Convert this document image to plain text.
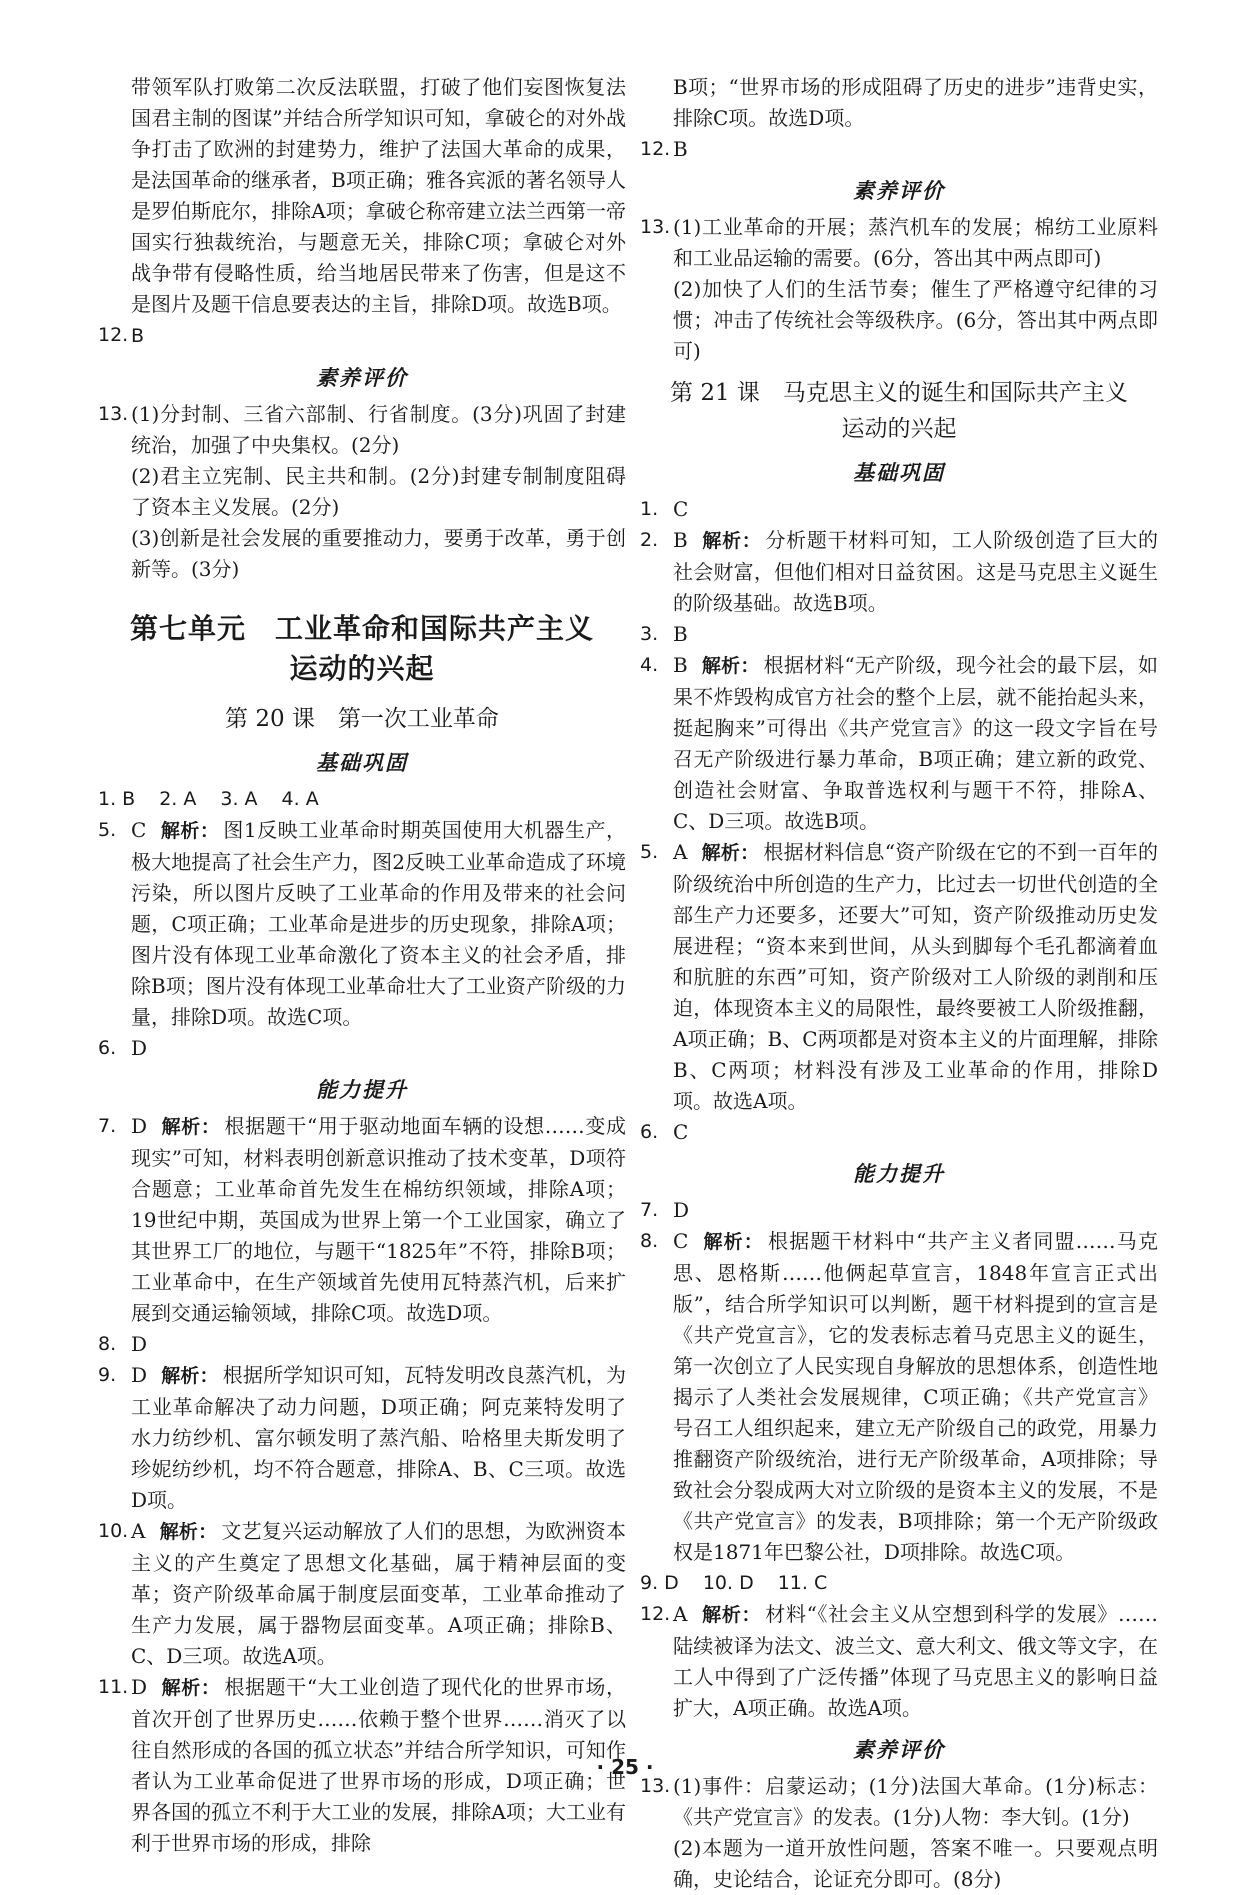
带领军队打败第二次反法联盟，打破了他们妄图恢复法国君主制的图谋”并结合所学知识可知，拿破仑的对外战争打击了欧洲的封建势力，维护了法国大革命的成果，是法国革命的继承者，B项正确；雅各宾派的著名领导人是罗伯斯庇尔，排除A项；拿破仑称帝建立法兰西第一帝国实行独裁统治，与题意无关，排除C项；拿破仑对外战争带有侵略性质，给当地居民带来了伤害，但是这不是图片及题干信息要表达的主旨，排除D项。故选B项。

12. B

素养评价

13. (1)分封制、三省六部制、行省制度。(3分)巩固了封建统治，加强了中央集权。(2分)

(2)君主立宪制、民主共和制。(2分)封建专制制度阻碍了资本主义发展。(2分)

(3)创新是社会发展的重要推动力，要勇于改革，勇于创新等。(3分)

第七单元　工业革命和国际共产主义
运动的兴起
第 20 课　第一次工业革命
基础巩固

1. B 2. A 3. A 4. A

5. C 解析： 图1反映工业革命时期英国使用大机器生产，极大地提高了社会生产力，图2反映工业革命造成了环境污染，所以图片反映了工业革命的作用及带来的社会问题，C项正确；工业革命是进步的历史现象，排除A项；图片没有体现工业革命激化了资本主义的社会矛盾，排除B项；图片没有体现工业革命壮大了工业资产阶级的力量，排除D项。故选C项。

6. D

能力提升

7. D 解析： 根据题干“用于驱动地面车辆的设想……变成现实”可知，材料表明创新意识推动了技术变革，D项符合题意；工业革命首先发生在棉纺织领域，排除A项；19世纪中期，英国成为世界上第一个工业国家，确立了其世界工厂的地位，与题干“1825年”不符，排除B项；工业革命中，在生产领域首先使用瓦特蒸汽机，后来扩展到交通运输领域，排除C项。故选D项。

8. D

9. D 解析： 根据所学知识可知，瓦特发明改良蒸汽机，为工业革命解决了动力问题，D项正确；阿克莱特发明了水力纺纱机、富尔顿发明了蒸汽船、哈格里夫斯发明了珍妮纺纱机，均不符合题意，排除A、B、C三项。故选D项。

10. A 解析： 文艺复兴运动解放了人们的思想，为欧洲资本主义的产生奠定了思想文化基础，属于精神层面的变革；资产阶级革命属于制度层面变革，工业革命推动了生产力发展，属于器物层面变革。A项正确；排除B、C、D三项。故选A项。

11. D 解析： 根据题干“大工业创造了现代化的世界市场，首次开创了世界历史……依赖于整个世界……消灭了以往自然形成的各国的孤立状态”并结合所学知识，可知作者认为工业革命促进了世界市场的形成，D项正确；世界各国的孤立不利于大工业的发展，排除A项；大工业有利于世界市场的形成，排除

B项；“世界市场的形成阻碍了历史的进步”违背史实，排除C项。故选D项。

12. B

素养评价

13. (1)工业革命的开展；蒸汽机车的发展；棉纺工业原料和工业品运输的需要。(6分，答出其中两点即可)

(2)加快了人们的生活节奏；催生了严格遵守纪律的习惯；冲击了传统社会等级秩序。(6分，答出其中两点即可)

第 21 课　马克思主义的诞生和国际共产主义
运动的兴起
基础巩固

1. C

2. B 解析： 分析题干材料可知，工人阶级创造了巨大的社会财富，但他们相对日益贫困。这是马克思主义诞生的阶级基础。故选B项。

3. B

4. B 解析： 根据材料“无产阶级，现今社会的最下层，如果不炸毁构成官方社会的整个上层，就不能抬起头来，挺起胸来”可得出《共产党宣言》的这一段文字旨在号召无产阶级进行暴力革命，B项正确；建立新的政党、创造社会财富、争取普选权利与题干不符，排除A、C、D三项。故选B项。

5. A 解析： 根据材料信息“资产阶级在它的不到一百年的阶级统治中所创造的生产力，比过去一切世代创造的全部生产力还要多，还要大”可知，资产阶级推动历史发展进程；“资本来到世间，从头到脚每个毛孔都滴着血和肮脏的东西”可知，资产阶级对工人阶级的剥削和压迫，体现资本主义的局限性，最终要被工人阶级推翻，A项正确；B、C两项都是对资本主义的片面理解，排除B、C两项；材料没有涉及工业革命的作用，排除D项。故选A项。

6. C

能力提升

7. D

8. C 解析： 根据题干材料中“共产主义者同盟……马克思、恩格斯……他俩起草宣言，1848年宣言正式出版”，结合所学知识可以判断，题干材料提到的宣言是《共产党宣言》，它的发表标志着马克思主义的诞生，第一次创立了人民实现自身解放的思想体系，创造性地揭示了人类社会发展规律，C项正确；《共产党宣言》号召工人组织起来，建立无产阶级自己的政党，用暴力推翻资产阶级统治，进行无产阶级革命，A项排除；导致社会分裂成两大对立阶级的是资本主义的发展，不是《共产党宣言》的发表，B项排除；第一个无产阶级政权是1871年巴黎公社，D项排除。故选C项。

9. D 10. D 11. C

12. A 解析： 材料“《社会主义从空想到科学的发展》……陆续被译为法文、波兰文、意大利文、俄文等文字，在工人中得到了广泛传播”体现了马克思主义的影响日益扩大，A项正确。故选A项。

素养评价

13. (1)事件：启蒙运动；(1分)法国大革命。(1分)标志：《共产党宣言》的发表。(1分)人物：李大钊。(1分)

(2)本题为一道开放性问题，答案不唯一。只要观点明确，史论结合，论证充分即可。(8分)

· 25 ·
